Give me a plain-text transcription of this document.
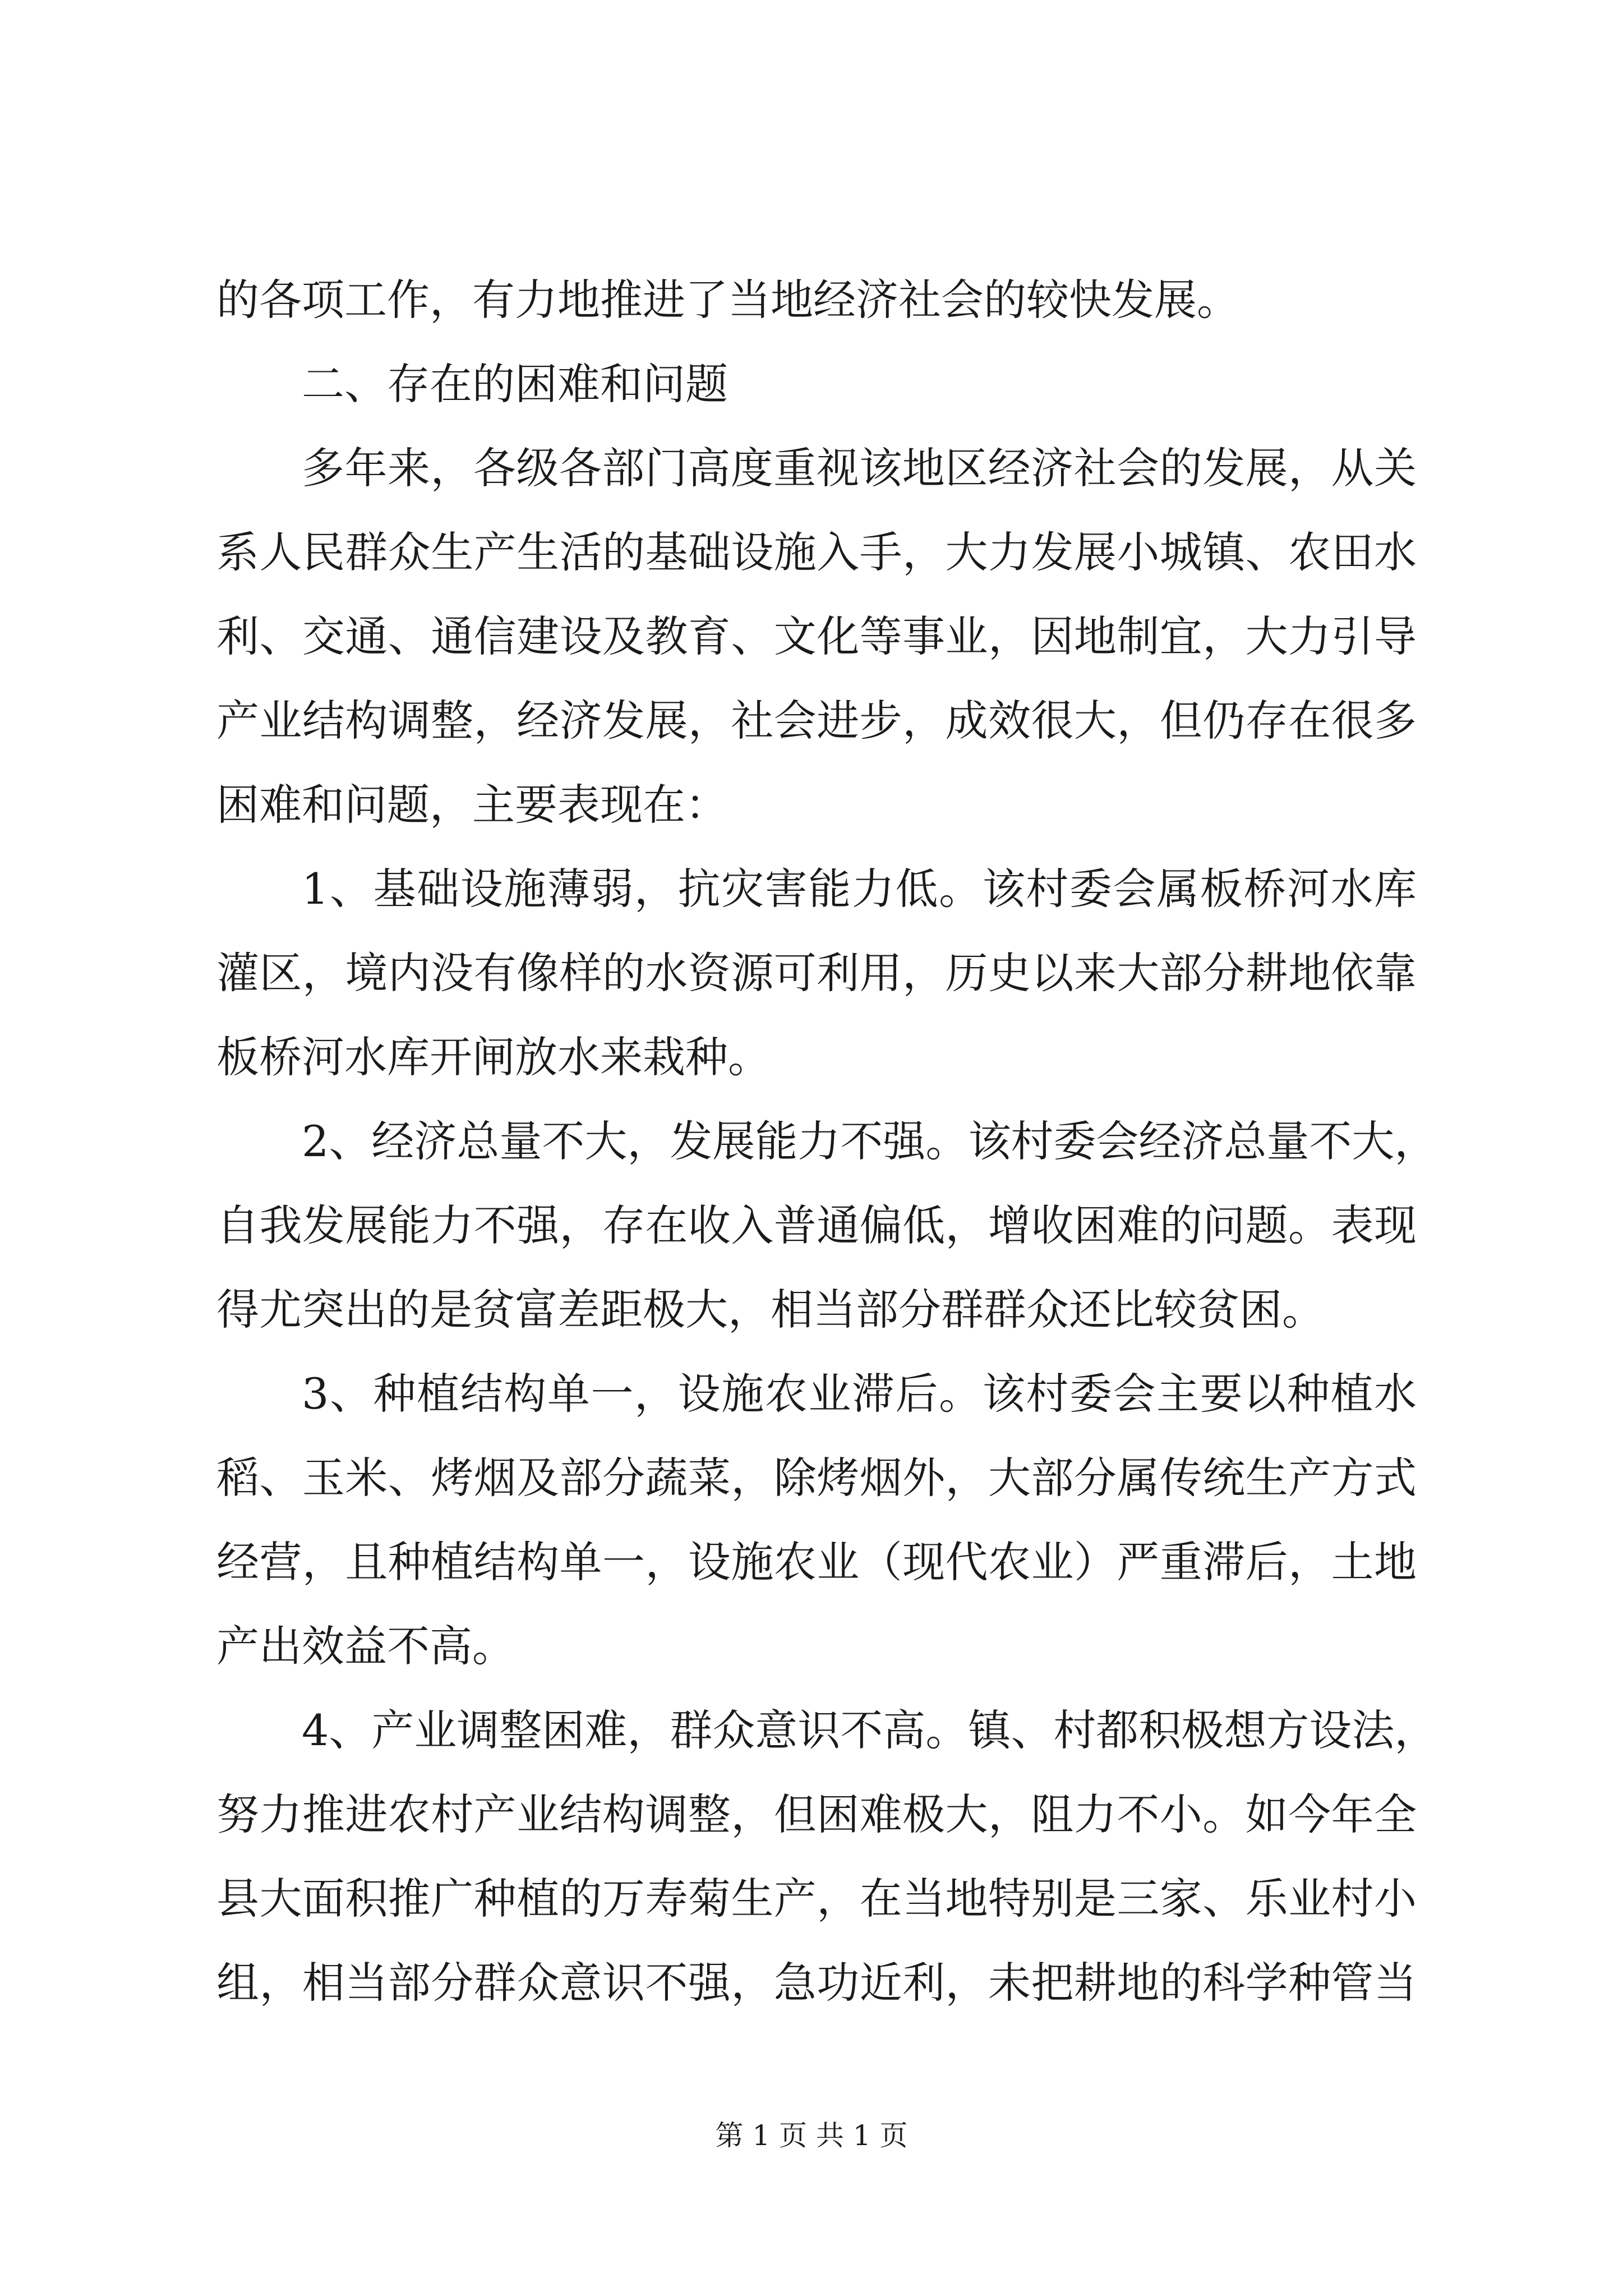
的各项工作，有力地推进了当地经济社会的较快发展。
二、存在的困难和问题
多年来，各级各部门高度重视该地区经济社会的发展，从关
系人民群众生产生活的基础设施入手，大力发展小城镇、农田水
利、交通、通信建设及教育、文化等事业，因地制宜，大力引导
产业结构调整，经济发展，社会进步，成效很大，但仍存在很多
困难和问题，主要表现在：
1、基础设施薄弱，抗灾害能力低。该村委会属板桥河水库
灌区，境内没有像样的水资源可利用，历史以来大部分耕地依靠
板桥河水库开闸放水来栽种。
2、经济总量不大，发展能力不强。该村委会经济总量不大，
自我发展能力不强，存在收入普通偏低，增收困难的问题。表现
得尤突出的是贫富差距极大，相当部分群群众还比较贫困。
3、种植结构单一，设施农业滞后。该村委会主要以种植水
稻、玉米、烤烟及部分蔬菜，除烤烟外，大部分属传统生产方式
经营，且种植结构单一，设施农业（现代农业）严重滞后，土地
产出效益不高。
4、产业调整困难，群众意识不高。镇、村都积极想方设法，
努力推进农村产业结构调整，但困难极大，阻力不小。如今年全
县大面积推广种植的万寿菊生产，在当地特别是三家、乐业村小
组，相当部分群众意识不强，急功近利，未把耕地的科学种管当
第 1 页 共 1 页
